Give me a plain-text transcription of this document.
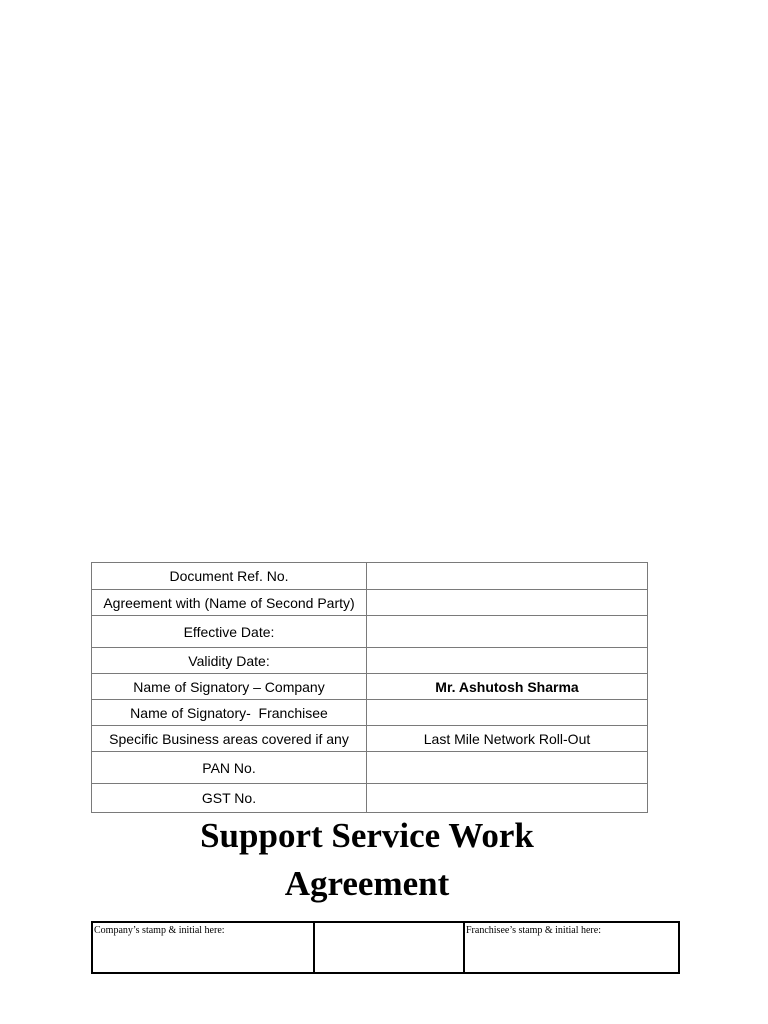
Document Ref. No.	
Agreement with (Name of Second Party)	
Effective Date:	
Validity Date:	
Name of Signatory – Company	Mr. Ashutosh Sharma
Name of Signatory-  Franchisee	
Specific Business areas covered if any	Last Mile Network Roll-Out
PAN No.	
GST No.	
Support Service Work
Agreement
Company’s stamp & initial here:		Franchisee’s stamp & initial here:
